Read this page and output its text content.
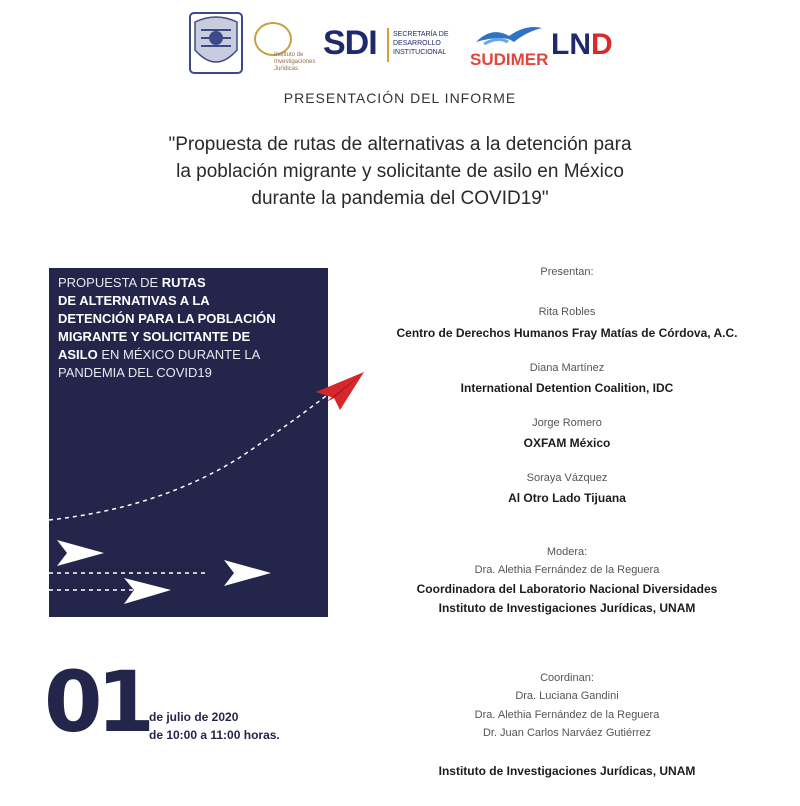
Instituto de Investigaciones Jurídicas
SDI SECRETARÍA DE DESARROLLO INSTITUCIONAL	SUDIMER LND
PRESENTACIÓN DEL INFORME
"Propuesta de rutas de alternativas a la detención para
la población migrante y solicitante de asilo en México
durante la pandemia del COVID19"
PROPUESTA DE RUTAS
DE ALTERNATIVAS A LA
DETENCIÓN PARA LA POBLACIÓN
MIGRANTE Y SOLICITANTE DE
ASILO EN MÉXICO DURANTE LA
PANDEMIA DEL COVID19
Presentan:
Rita Robles
Centro de Derechos Humanos Fray Matías de Córdova, A.C.
Diana Martínez
International Detention Coalition, IDC
Jorge Romero
OXFAM México
Soraya Vázquez
Al Otro Lado Tijuana
Modera:
Dra. Alethia Fernández de la Reguera
Coordinadora del Laboratorio Nacional Diversidades
Instituto de Investigaciones Jurídicas, UNAM
Coordinan:
Dra. Luciana Gandini
Dra. Alethia Fernández de la Reguera
Dr. Juan Carlos Narváez Gutiérrez
Instituto de Investigaciones Jurídicas, UNAM
01 de julio de 2020
de 10:00 a 11:00 horas.
